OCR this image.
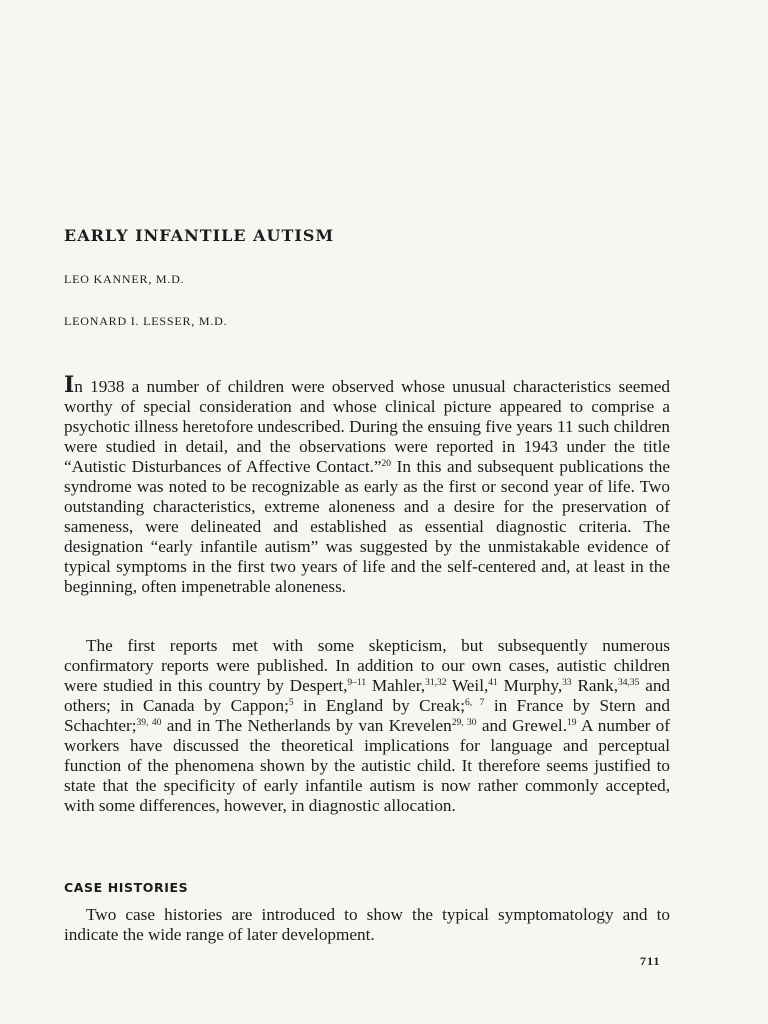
EARLY INFANTILE AUTISM

LEO KANNER, M.D.

LEONARD I. LESSER, M.D.

In 1938 a number of children were observed whose unusual characteristics seemed worthy of special consideration and whose clinical picture appeared to comprise a psychotic illness heretofore undescribed. During the ensuing five years 11 such children were studied in detail, and the observations were reported in 1943 under the title “Autistic Disturbances of Affective Contact.”$^{20}$ In this and subsequent publications the syndrome was noted to be recognizable as early as the first or second year of life. Two outstanding characteristics, extreme aloneness and a desire for the preservation of sameness, were delineated and established as essential diagnostic criteria. The designation “early infantile autism” was suggested by the unmistakable evidence of typical symptoms in the first two years of life and the self-centered and, at least in the beginning, often impenetrable aloneness.

The first reports met with some skepticism, but subsequently numerous confirmatory reports were published. In addition to our own cases, autistic children were studied in this country by Despert,$^{9-11}$ Mahler,$^{31,32}$ Weil,$^{41}$ Murphy,$^{33}$ Rank,$^{34,35}$ and others; in Canada by Cappon;$^5$ in England by Creak;$^{6, 7}$ in France by Stern and Schachter;$^{39, 40}$ and in The Netherlands by van Krevelen$^{29, 30}$ and Grewel.$^{19}$ A number of workers have discussed the theoretical implications for language and perceptual function of the phenomena shown by the autistic child. It therefore seems justified to state that the specificity of early infantile autism is now rather commonly accepted, with some differences, however, in diagnostic allocation.

CASE HISTORIES

Two case histories are introduced to show the typical symptomatology and to indicate the wide range of later development.

711
